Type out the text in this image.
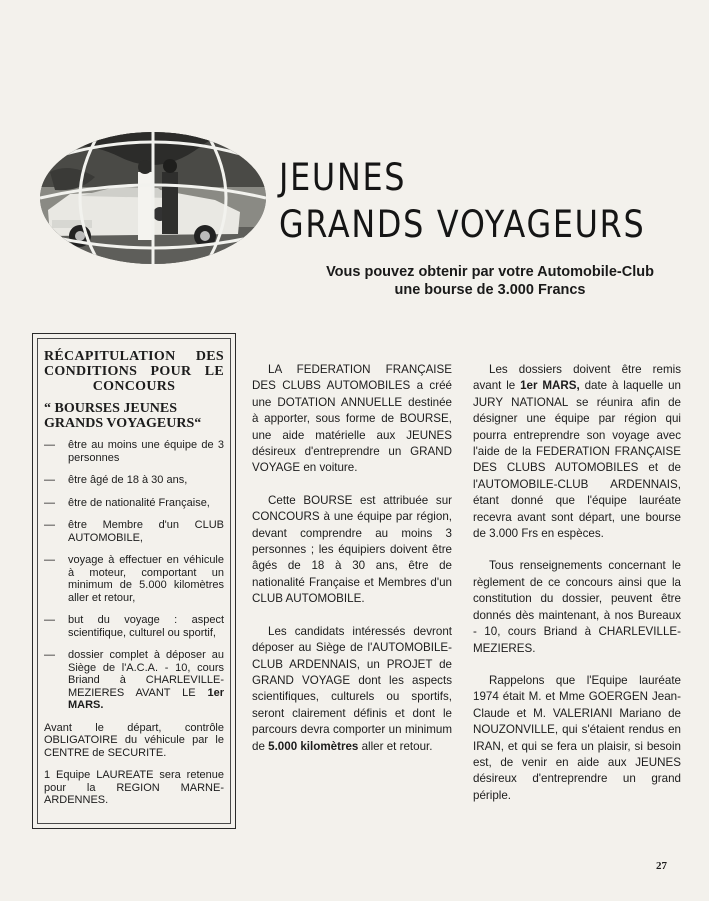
JEUNES
GRANDS VOYAGEURS
Vous pouvez obtenir par votre Automobile-Club
une bourse de 3.000 Francs
RÉCAPITULATION DES
CONDITIONS POUR LE
CONCOURS
“ BOURSES JEUNES
GRANDS VOYAGEURS“
—	être au moins une équipe de 3 personnes
—	être âgé de 18 à 30 ans,
—	être de nationalité Française,
—	être Membre d'un CLUB AUTOMOBILE,
—	voyage à effectuer en véhicule à moteur, comportant un minimum de 5.000 kilomètres aller et retour,
—	but du voyage : aspect scientifique, culturel ou sportif,
—	dossier complet à déposer au Siège de l'A.C.A. - 10, cours Briand à CHARLEVILLE-MEZIERES AVANT LE 1er MARS.

Avant le départ, contrôle OBLIGATOIRE du véhicule par le CENTRE de SECURITE.

1 Equipe LAUREATE sera retenue pour la REGION MARNE-ARDENNES.

LA FEDERATION FRANÇAISE DES CLUBS AUTOMOBILES a créé une DOTATION ANNUELLE destinée à apporter, sous forme de BOURSE, une aide matérielle aux JEUNES désireux d'entreprendre un GRAND VOYAGE en voiture.

Cette BOURSE est attribuée sur CONCOURS à une équipe par région, devant comprendre au moins 3 personnes ; les équipiers doivent être âgés de 18 à 30 ans, être de nationalité Française et Membres d'un CLUB AUTOMOBILE.

Les candidats intéressés devront déposer au Siège de l'AUTOMOBILE-CLUB ARDENNAIS, un PROJET de GRAND VOYAGE dont les aspects scientifiques, culturels ou sportifs, seront clairement définis et dont le parcours devra comporter un minimum de 5.000 kilomètres aller et retour.

Les dossiers doivent être remis avant le 1er MARS, date à laquelle un JURY NATIONAL se réunira afin de désigner une équipe par région qui pourra entreprendre son voyage avec l'aide de la FEDERATION FRANÇAISE DES CLUBS AUTOMOBILES et de l'AUTOMOBILE-CLUB ARDENNAIS, étant donné que l'équipe lauréate recevra avant sont départ, une bourse de 3.000 Frs en espèces.

Tous renseignements concernant le règlement de ce concours ainsi que la constitution du dossier, peuvent être donnés dès maintenant, à nos Bureaux - 10, cours Briand à CHARLEVILLE-MEZIERES.

Rappelons que l'Equipe lauréate 1974 était M. et Mme GOERGEN Jean-Claude et M. VALERIANI Mariano de NOUZONVILLE, qui s'étaient rendus en IRAN, et qui se fera un plaisir, si besoin est, de venir en aide aux JEUNES désireux d'entreprendre un grand périple.

27
